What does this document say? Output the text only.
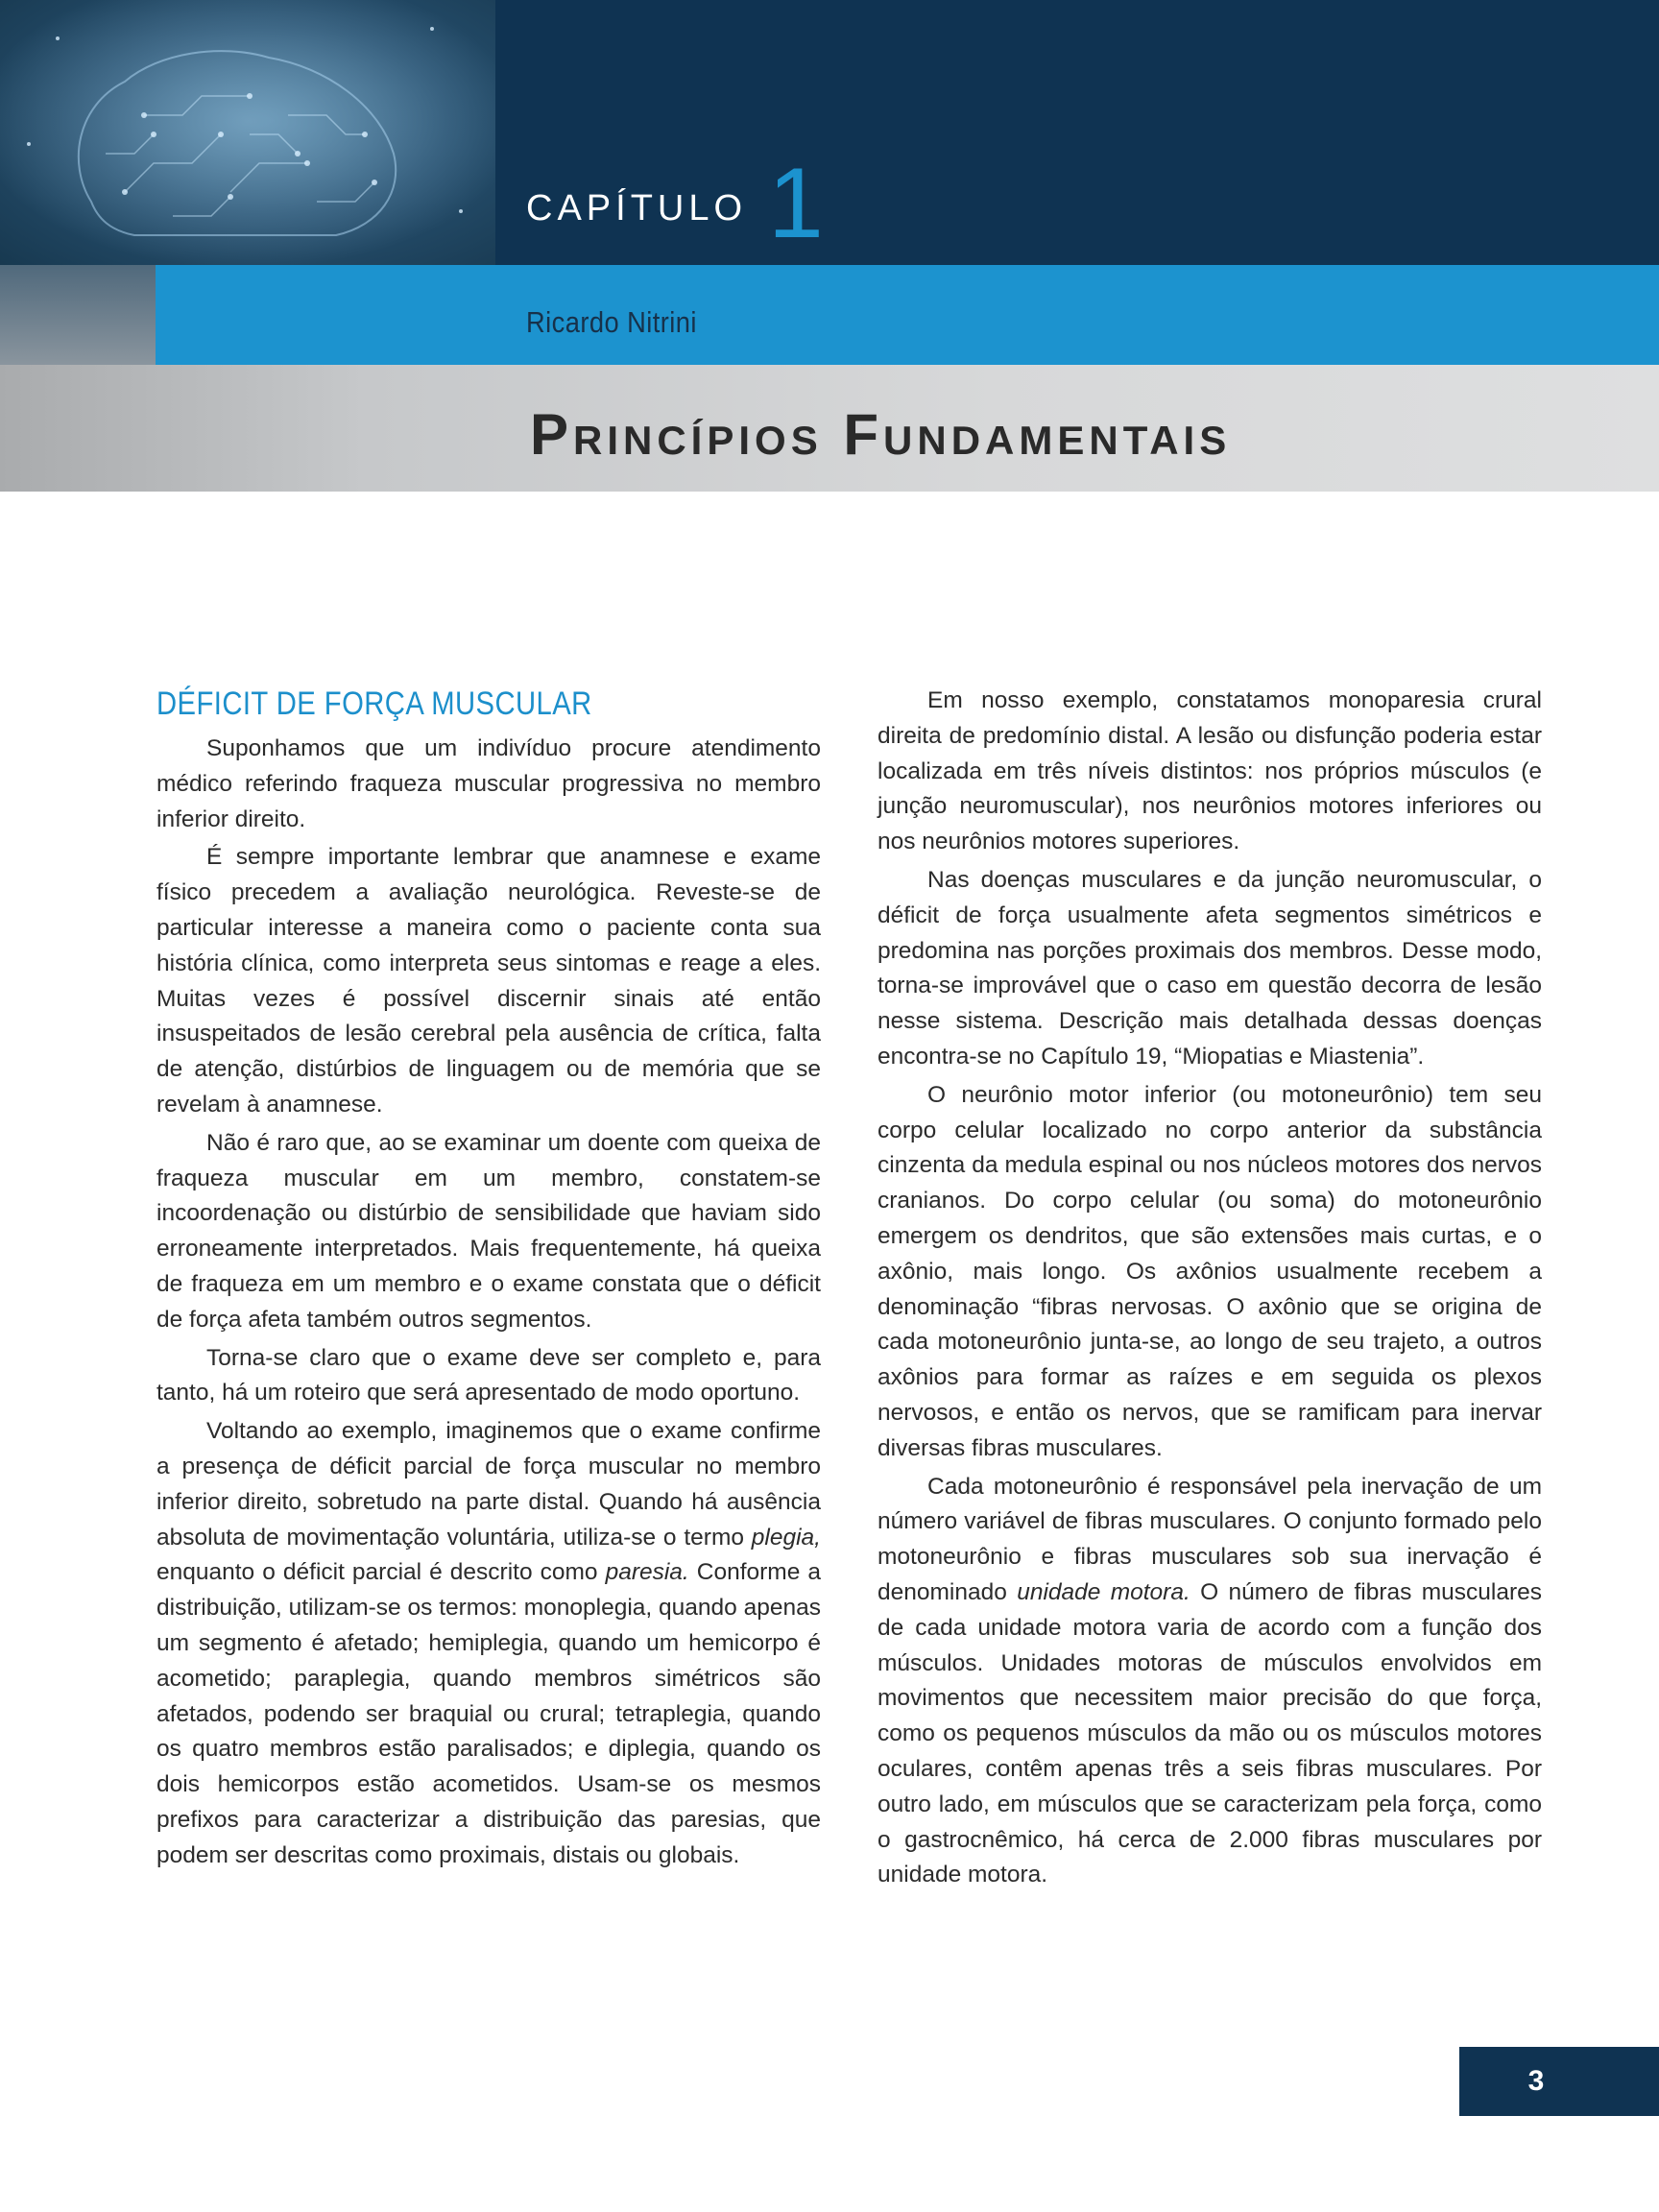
CAPÍTULO 1
Ricardo Nitrini
Princípios Fundamentais
DÉFICIT DE FORÇA MUSCULAR

Suponhamos que um indivíduo procure atendimento médico referindo fraqueza muscular progressiva no membro inferior direito.

É sempre importante lembrar que anamnese e exame físico precedem a avaliação neurológica. Reveste-se de particular interesse a maneira como o paciente conta sua história clínica, como interpreta seus sintomas e reage a eles. Muitas vezes é possível discernir sinais até então insuspeitados de lesão cerebral pela ausência de crítica, falta de atenção, distúrbios de linguagem ou de memória que se revelam à anamnese.

Não é raro que, ao se examinar um doente com queixa de fraqueza muscular em um membro, constatem-se incoordenação ou distúrbio de sensibilidade que haviam sido erroneamente interpretados. Mais frequentemente, há queixa de fraqueza em um membro e o exame constata que o déficit de força afeta também outros segmentos.

Torna-se claro que o exame deve ser completo e, para tanto, há um roteiro que será apresentado de modo oportuno.

Voltando ao exemplo, imaginemos que o exame confirme a presença de déficit parcial de força muscular no membro inferior direito, sobretudo na parte distal. Quando há ausência absoluta de movimentação voluntária, utiliza-se o termo plegia, enquanto o déficit parcial é descrito como paresia. Conforme a distribuição, utilizam-se os termos: monoplegia, quando apenas um segmento é afetado; hemiplegia, quando um hemicorpo é acometido; paraplegia, quando membros simétricos são afetados, podendo ser braquial ou crural; tetraplegia, quando os quatro membros estão paralisados; e diplegia, quando os dois hemicorpos estão acometidos. Usam-se os mesmos prefixos para caracterizar a distribuição das paresias, que podem ser descritas como proximais, distais ou globais.

Em nosso exemplo, constatamos monoparesia crural direita de predomínio distal. A lesão ou disfunção poderia estar localizada em três níveis distintos: nos próprios músculos (e junção neuromuscular), nos neurônios motores inferiores ou nos neurônios motores superiores.

Nas doenças musculares e da junção neuromuscular, o déficit de força usualmente afeta segmentos simétricos e predomina nas porções proximais dos membros. Desse modo, torna-se improvável que o caso em questão decorra de lesão nesse sistema. Descrição mais detalhada dessas doenças encontra-se no Capítulo 19, “Miopatias e Miastenia”.

O neurônio motor inferior (ou motoneurônio) tem seu corpo celular localizado no corpo anterior da substância cinzenta da medula espinal ou nos núcleos motores dos nervos cranianos. Do corpo celular (ou soma) do motoneurônio emergem os dendritos, que são extensões mais curtas, e o axônio, mais longo. Os axônios usualmente recebem a denominação “fibras nervosas. O axônio que se origina de cada motoneurônio junta-se, ao longo de seu trajeto, a outros axônios para formar as raízes e em seguida os plexos nervosos, e então os nervos, que se ramificam para inervar diversas fibras musculares.

Cada motoneurônio é responsável pela inervação de um número variável de fibras musculares. O conjunto formado pelo motoneurônio e fibras musculares sob sua inervação é denominado unidade motora. O número de fibras musculares de cada unidade motora varia de acordo com a função dos músculos. Unidades motoras de músculos envolvidos em movimentos que necessitem maior precisão do que força, como os pequenos músculos da mão ou os músculos motores oculares, contêm apenas três a seis fibras musculares. Por outro lado, em músculos que se caracterizam pela força, como o gastrocnêmico, há cerca de 2.000 fibras musculares por unidade motora.

3
